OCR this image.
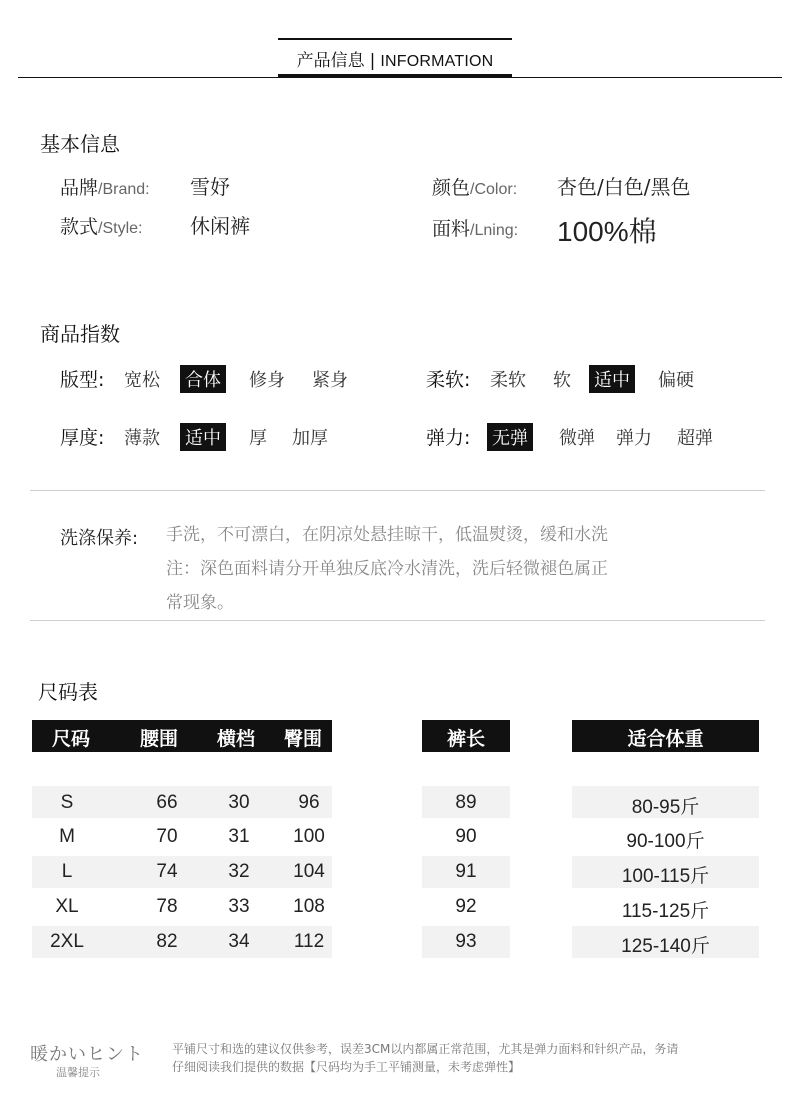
产品信息 | INFORMATION
基本信息
品牌/Brand: 雪妤	颜色/Color: 杏色/白色/黑色
款式/Style: 休闲裤	面料/Lning: 100%棉
商品指数
版型: 宽松 合体 修身 紧身	柔软: 柔软 软 适中 偏硬
厚度: 薄款 适中 厚 加厚	弹力: 无弹 微弹 弹力 超弹
洗涤保养: 手洗，不可漂白，在阴凉处悬挂晾干，低温熨烫，缓和水洗
注：深色面料请分开单独反底冷水清洗，洗后轻微褪色属正
常现象。
尺码表
尺码	腰围	横档	臀围	裤长	适合体重
S	66	30	96	89	80-95斤
M	70	31	100	90	90-100斤
L	74	32	104	91	100-115斤
XL	78	33	108	92	115-125斤
2XL	82	34	112	93	125-140斤
暖かいヒント
温馨提示
平铺尺寸和选的建议仅供参考，误差3CM以内都属正常范围，尤其是弹力面料和针织产品，务请
仔细阅读我们提供的数据【尺码均为手工平铺测量，未考虑弹性】
